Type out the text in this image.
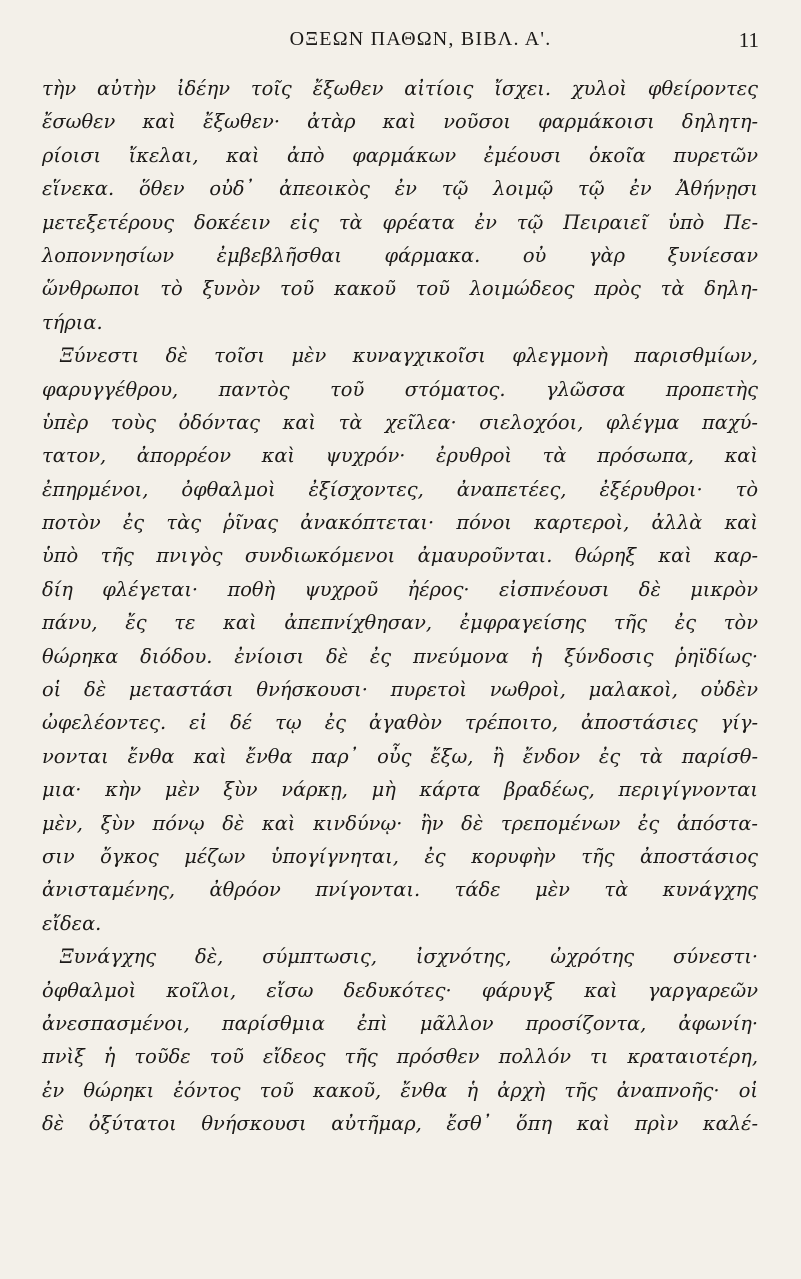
ΟΞΕΩΝ ΠΑΘΩΝ, ΒΙΒΛ. Α'.	11
τὴν αὐτὴν ἰδέην τοῖς ἔξωθεν αἰτίοις ἴσχει. χυλοὶ φθείροντες
ἔσωθεν καὶ ἔξωθεν· ἀτὰρ καὶ νοῦσοι φαρμάκοισι δηλητη-
ρίοισι ἴκελαι, καὶ ἀπὸ φαρμάκων ἐμέουσι ὁκοῖα πυρετῶν
εἵνεκα. ὅθεν οὐδ᾽ ἀπεοικὸς ἐν τῷ λοιμῷ τῷ ἐν Ἀθήνῃσι
μετεξετέρους δοκέειν εἰς τὰ φρέατα ἐν τῷ Πειραιεῖ ὑπὸ Πε-
λοποννησίων ἐμβεβλῆσθαι φάρμακα. οὐ γὰρ ξυνίεσαν
ὥνθρωποι τὸ ξυνὸν τοῦ κακοῦ τοῦ λοιμώδεος πρὸς τὰ δηλη-
τήρια.
Ξύνεστι δὲ τοῖσι μὲν κυναγχικοῖσι φλεγμονὴ παρισθμίων,
φαρυγγέθρου, παντὸς τοῦ στόματος. γλῶσσα προπετὴς
ὑπὲρ τοὺς ὀδόντας καὶ τὰ χεῖλεα· σιελοχόοι, φλέγμα παχύ-
τατον, ἀπορρέον καὶ ψυχρόν· ἐρυθροὶ τὰ πρόσωπα, καὶ
ἐπηρμένοι, ὀφθαλμοὶ ἐξίσχοντες, ἀναπετέες, ἐξέρυθροι· τὸ
ποτὸν ἐς τὰς ῥῖνας ἀνακόπτεται· πόνοι καρτεροὶ, ἀλλὰ καὶ
ὑπὸ τῆς πνιγὸς συνδιωκόμενοι ἀμαυροῦνται. θώρηξ καὶ καρ-
δίη φλέγεται· ποθὴ ψυχροῦ ἠέρος· εἰσπνέουσι δὲ μικρὸν
πάνυ, ἔς τε καὶ ἀπεπνίχθησαν, ἐμφραγείσης τῆς ἐς τὸν
θώρηκα διόδου. ἐνίοισι δὲ ἐς πνεύμονα ἡ ξύνδοσις ῥηϊδίως·
οἱ δὲ μεταστάσι θνήσκουσι· πυρετοὶ νωθροὶ, μαλακοὶ, οὐδὲν
ὠφελέοντες. εἰ δέ τῳ ἐς ἀγαθὸν τρέποιτο, ἀποστάσιες γίγ-
νονται ἔνθα καὶ ἔνθα παρ᾽ οὖς ἔξω, ἢ ἔνδον ἐς τὰ παρίσθ-
μια· κὴν μὲν ξὺν νάρκῃ, μὴ κάρτα βραδέως, περιγίγνονται
μὲν, ξὺν πόνῳ δὲ καὶ κινδύνῳ· ἢν δὲ τρεπομένων ἐς ἀπόστα-
σιν ὄγκος μέζων ὑπογίγνηται, ἐς κορυφὴν τῆς ἀποστάσιος
ἀνισταμένης, ἀθρόον πνίγονται. τάδε μὲν τὰ κυνάγχης
εἴδεα.
Ξυνάγχης δὲ, σύμπτωσις, ἰσχνότης, ὠχρότης σύνεστι·
ὀφθαλμοὶ κοῖλοι, εἴσω δεδυκότες· φάρυγξ καὶ γαργαρεῶν
ἀνεσπασμένοι, παρίσθμια ἐπὶ μᾶλλον προσίζοντα, ἀφωνίη·
πνὶξ ἡ τοῦδε τοῦ εἴδεος τῆς πρόσθεν πολλόν τι κραταιοτέρη,
ἐν θώρηκι ἐόντος τοῦ κακοῦ, ἔνθα ἡ ἀρχὴ τῆς ἀναπνοῆς· οἱ
δὲ ὀξύτατοι θνήσκουσι αὐτῆμαρ, ἔσθ᾽ ὅπη καὶ πρὶν καλέ-
